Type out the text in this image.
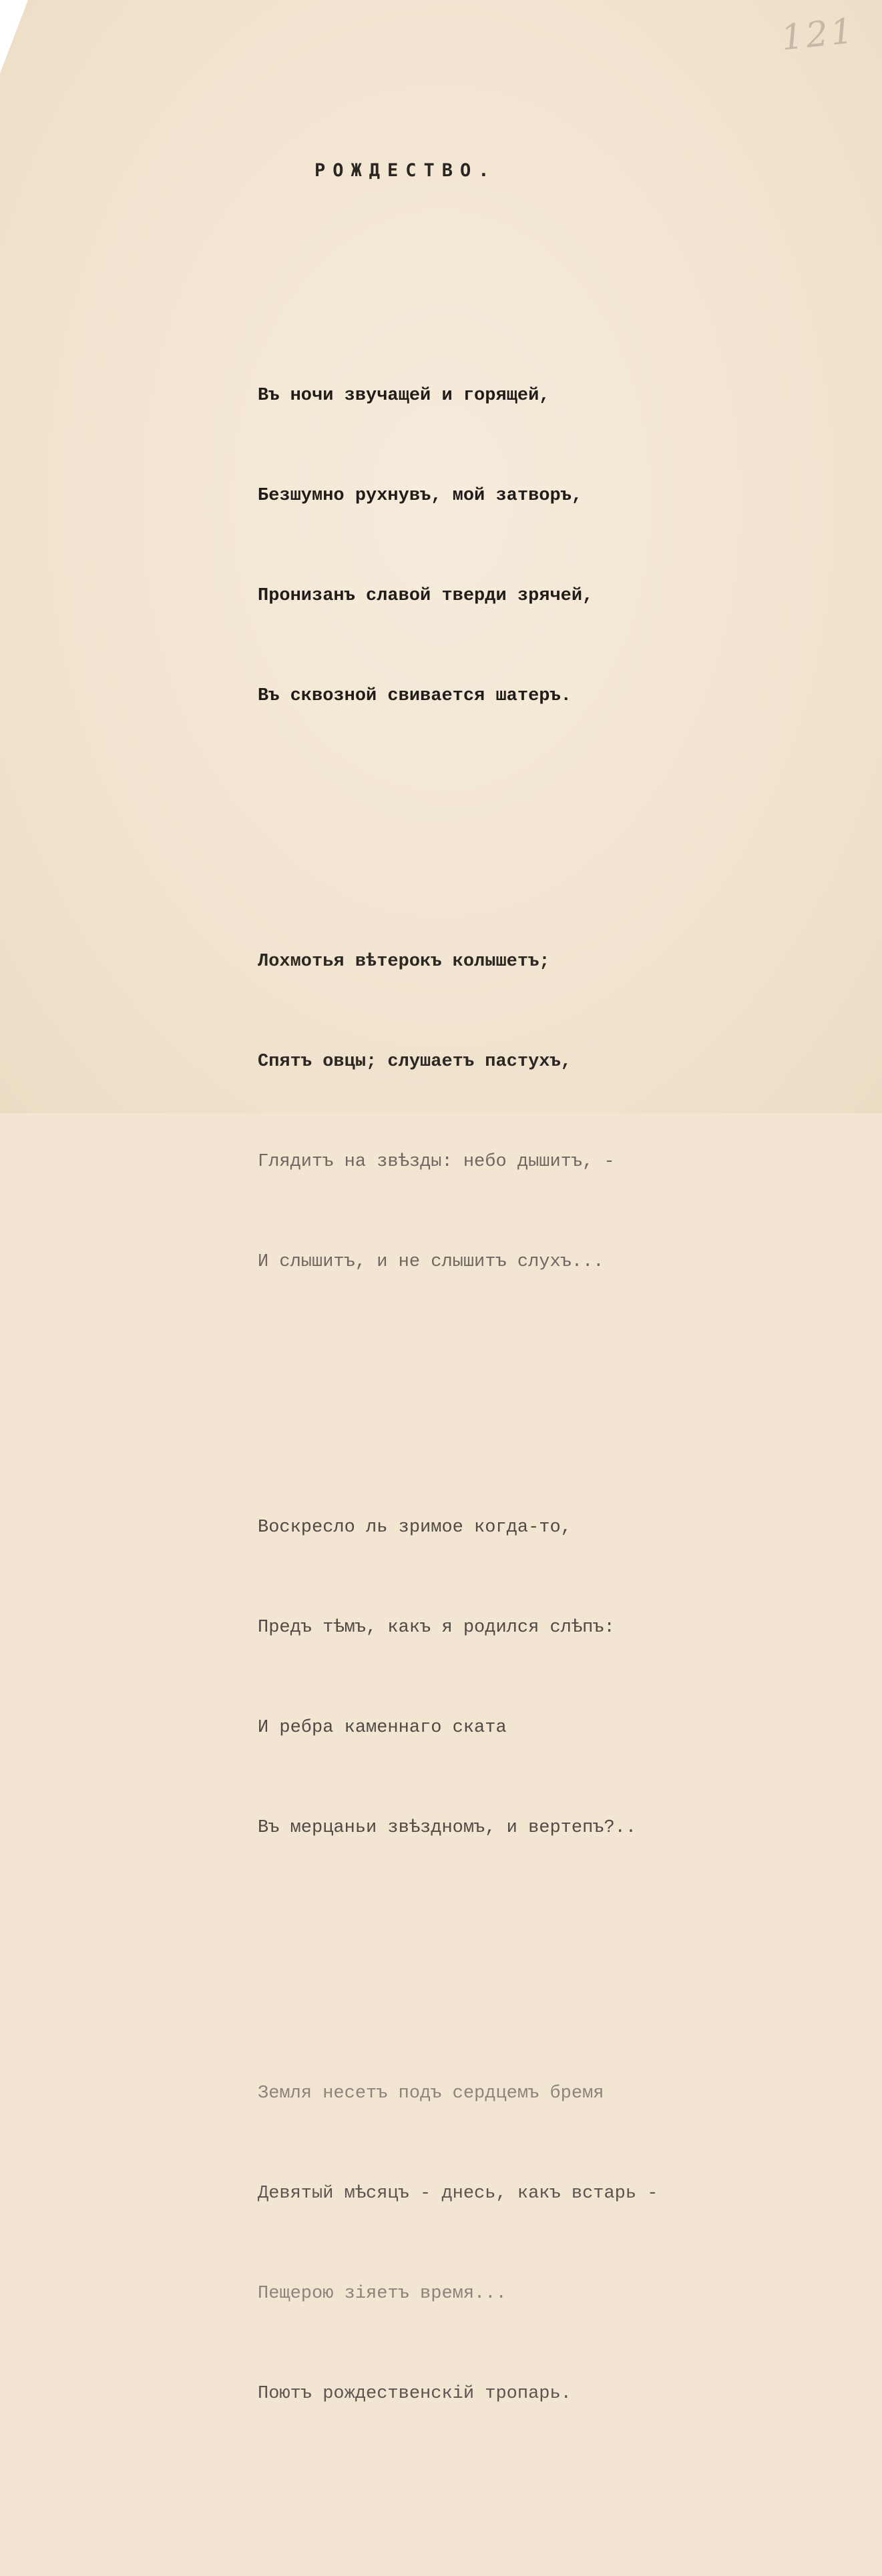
121
РОЖДЕСТВО.

Въ ночи звучащей и горящей,

Безшумно рухнувъ, мой затворъ,

Пронизанъ славой тверди зрячей,

Въ сквозной свивается шатеръ.

Лохмотья вѣтерокъ колышетъ;

Спятъ овцы; слушаетъ пастухъ,

Глядитъ на звѣзды: небо дышитъ, -

И слышитъ, и не слышитъ слухъ...

Воскресло ль зримое когда-то,

Предъ тѣмъ, какъ я родился слѣпъ:

И ребра каменнаго ската

Въ мерцаньи звѣздномъ, и вертепъ?..

Земля несетъ подъ сердцемъ бремя

Девятый мѣсяцъ - днесь, какъ встарь -

Пещерою зіяетъ время...

Поютъ рождественскій тропарь.
